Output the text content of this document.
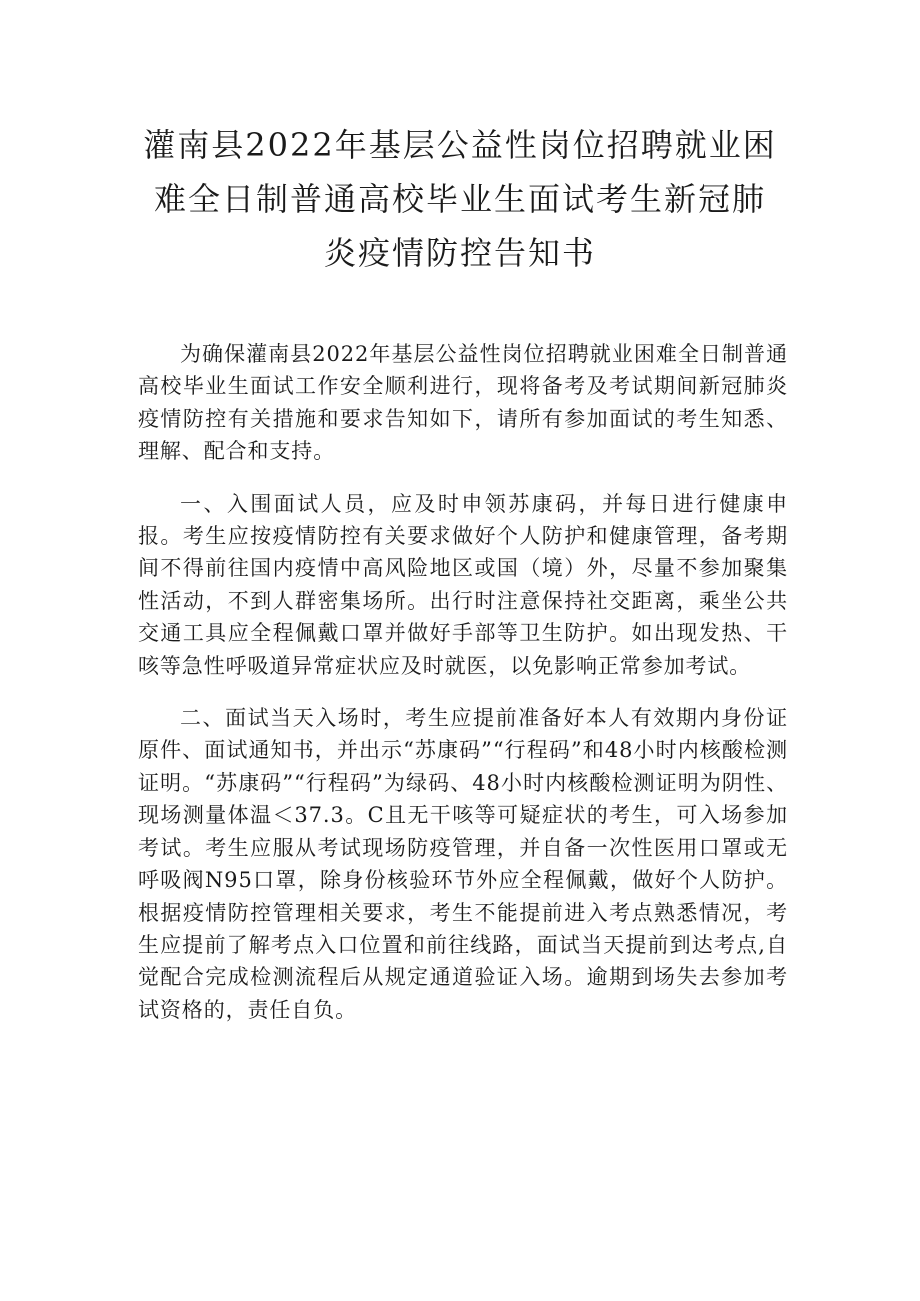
灌南县2022年基层公益性岗位招聘就业困
难全日制普通高校毕业生面试考生新冠肺
炎疫情防控告知书

为确保灌南县2022年基层公益性岗位招聘就业困难全日制普通高校毕业生面试工作安全顺利进行，现将备考及考试期间新冠肺炎疫情防控有关措施和要求告知如下，请所有参加面试的考生知悉、理解、配合和支持。

一、入围面试人员，应及时申领苏康码，并每日进行健康申报。考生应按疫情防控有关要求做好个人防护和健康管理，备考期间不得前往国内疫情中高风险地区或国（境）外，尽量不参加聚集性活动，不到人群密集场所。出行时注意保持社交距离，乘坐公共交通工具应全程佩戴口罩并做好手部等卫生防护。如出现发热、干咳等急性呼吸道异常症状应及时就医，以免影响正常参加考试。

二、面试当天入场时，考生应提前准备好本人有效期内身份证原件、面试通知书，并出示“苏康码”“行程码”和48小时内核酸检测证明。“苏康码”“行程码”为绿码、48小时内核酸检测证明为阴性、现场测量体温＜37.3。C且无干咳等可疑症状的考生，可入场参加考试。考生应服从考试现场防疫管理，并自备一次性医用口罩或无呼吸阀N95口罩，除身份核验环节外应全程佩戴，做好个人防护。根据疫情防控管理相关要求，考生不能提前进入考点熟悉情况，考生应提前了解考点入口位置和前往线路，面试当天提前到达考点,自觉配合完成检测流程后从规定通道验证入场。逾期到场失去参加考试资格的，责任自负。
